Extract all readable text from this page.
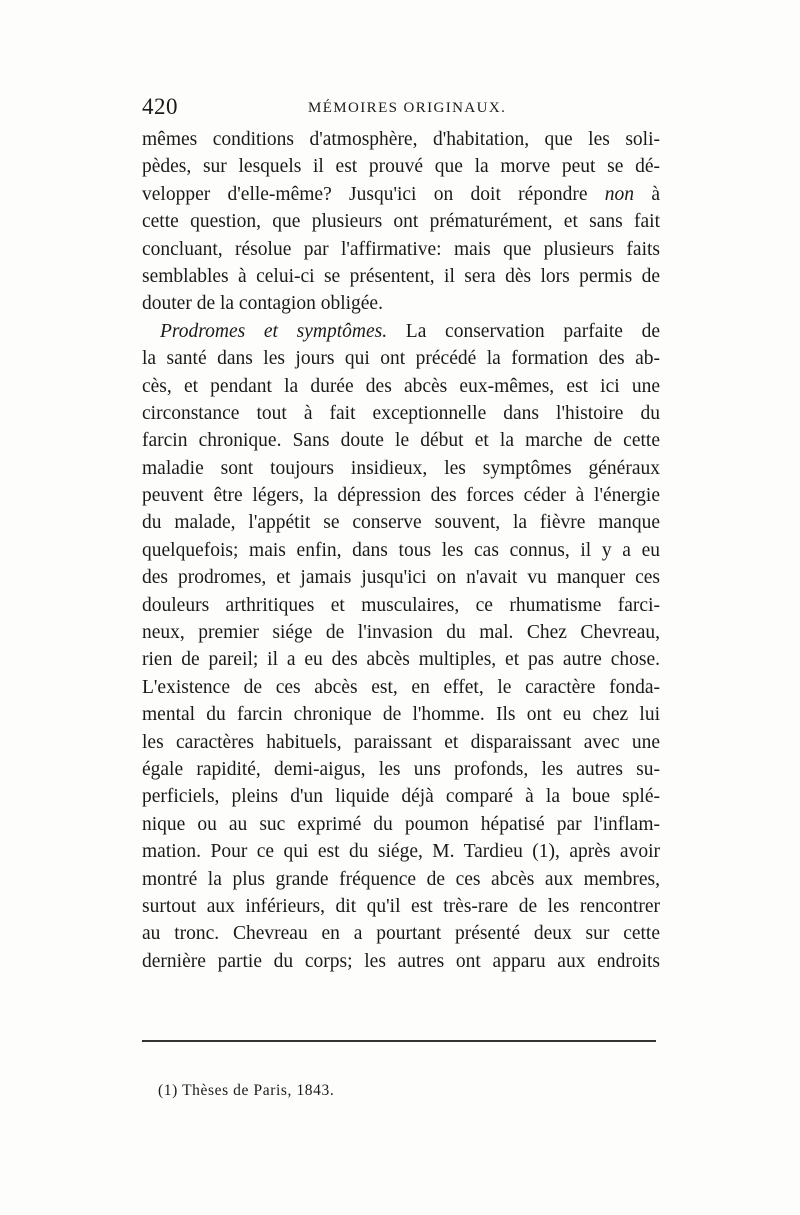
420	MÉMOIRES ORIGINAUX.
mêmes conditions d'atmosphère, d'habitation, que les soli-
pèdes, sur lesquels il est prouvé que la morve peut se dé-
velopper d'elle-même? Jusqu'ici on doit répondre non à
cette question, que plusieurs ont prématurément, et sans fait
concluant, résolue par l'affirmative: mais que plusieurs faits
semblables à celui-ci se présentent, il sera dès lors permis de
douter de la contagion obligée.
Prodromes et symptômes. La conservation parfaite de
la santé dans les jours qui ont précédé la formation des ab-
cès, et pendant la durée des abcès eux-mêmes, est ici une
circonstance tout à fait exceptionnelle dans l'histoire du
farcin chronique. Sans doute le début et la marche de cette
maladie sont toujours insidieux, les symptômes généraux
peuvent être légers, la dépression des forces céder à l'énergie
du malade, l'appétit se conserve souvent, la fièvre manque
quelquefois; mais enfin, dans tous les cas connus, il y a eu
des prodromes, et jamais jusqu'ici on n'avait vu manquer ces
douleurs arthritiques et musculaires, ce rhumatisme farci-
neux, premier siége de l'invasion du mal. Chez Chevreau,
rien de pareil; il a eu des abcès multiples, et pas autre chose.
L'existence de ces abcès est, en effet, le caractère fonda-
mental du farcin chronique de l'homme. Ils ont eu chez lui
les caractères habituels, paraissant et disparaissant avec une
égale rapidité, demi-aigus, les uns profonds, les autres su-
perficiels, pleins d'un liquide déjà comparé à la boue splé-
nique ou au suc exprimé du poumon hépatisé par l'inflam-
mation. Pour ce qui est du siége, M. Tardieu (1), après avoir
montré la plus grande fréquence de ces abcès aux membres,
surtout aux inférieurs, dit qu'il est très-rare de les rencontrer
au tronc. Chevreau en a pourtant présenté deux sur cette
dernière partie du corps; les autres ont apparu aux endroits
(1) Thèses de Paris, 1843.
